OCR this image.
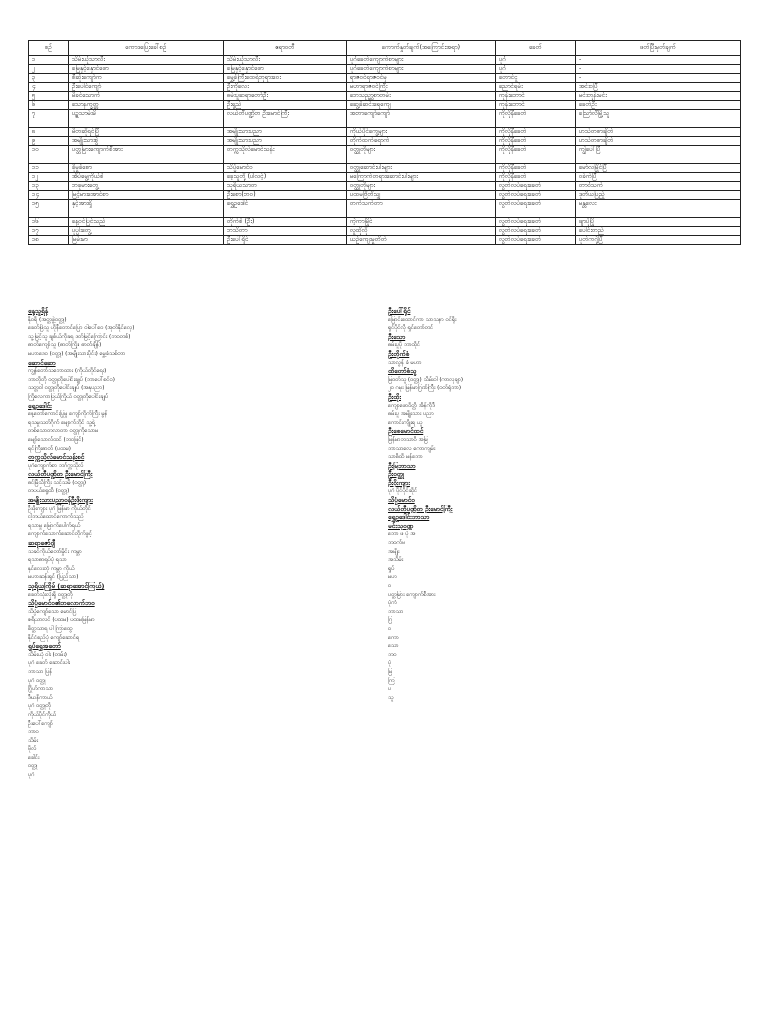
စဉ်	ကောဒပြေးခေါ်စဉ်	ဧရာဝတီ	ကောက်နှုတ်ချက်(အကြောင်းအရာ)	ခေတ်	ဖတ်ပြီးမှတ်ချက်
၁	သိမ်းယုံသာလီး	သိမ်းယုံသာလီး	ပုဂံခေတ်ကျောက်စာများ	ပုဂံ	-
၂	မြေနှင့်နှောင်ဖော	မြေနှင့်နှောင်ဖော	ပုဂံခေတ်ကျောက်စာများ	ပုဂံ	-
၃	စီဆုံးကျော်က	မွှေ့ခံကြီးထေရ်ဘုရားဝေး	ရာဇဝင်ရာဇဝင်မှ	တောင်ငူ	-
၄	ဦးပေါင်ကျော်	ဦးကိုလေး	မဟာရာဇဝင်ကြီး	ညောင်ရမ်း	အင်းဝပြီ
၅	မိခင်သောကံ	ဓမ်းပူဆရာတော်ဦး	ဘေသည္မွာစာတမ်း	ကုန်းဘောင်	မင်းတုန်းမင်း
၆	သောနက္ခတ္တ	ဦးရှည်	ဆွေ့ခံဆင်းရေကျေ	ကုန်းဘောင်	ခေတ်ဦး
၇	ပဉ္စသာမ်းမိ	လယ်တီပဏ္ဍိတ ဦးမောင်ကြီး	အဘာကျော်ကျော်	ကိုလိုနီခေတ်	သြော်လီမြို့သူ
၈	မိတဆိုရင်ပြီ	အမျိုးသားပညာ	ကိုယ်ပိုင်ကွေ့များ	ကိုလိုနီခေတ်	ဟသ်တစာချိတ်
၉	အမျိုးသားစွဲ	အမျိုးသားပညာ	တိုက်ထက်ရောက်	ကိုလိုနီခေတ်	ဟသ်တစာချိတ်
၁၀	ပတ္တမြားကျောက်စီအား	တက္ကသိုလ်မောင်သန်း	ဝတ္ထုတိုများ	ကိုလိုနီခေတ်	ကျွဲပေါ်ပြီ
၁၁	ခိုမှုခံစော	သိပ္ပံမောင်ဝ	ဝတ္ထုဆောင်းပါးများ	ကိုလိုနီခေတ်	မော်လမြိုင်ပြီ
၁၂	အိပ်မွေ့ကိုယ်စံ	ခေ့သူတို့ (ပါလင့်)	မကြောက်တရားဆောင်းပါးများ	ကိုလိုနီခေတ်	ဝခ်က်ပြီ
၁၃	ဘခုမားတွေ့	သုရိယသာတ	ဝတ္ထုတိုများ	လွတ်လပ်ရေးခေတ်	တာဝံသက်
၁၄	မြင့်မားအောင်စာ	ဦးစော(ဘဝ)	ပထမဗြိတိသျှ	လွတ်လပ်ရေးခေတ်	ဒုတိယပြည့်
၁၅	နှင့်အားရှိ	ရွှေဥဒေါင်	တက်သက်တာ	လွတ်လပ်ရေးခေတ်	မန္တလေး
၁၆	နေ့ဝင်ပြင်သည်	တိုက်စံ (ဦး)	ကဲ့ကာမြိုင်	လွတ်လပ်ရေးခေတ်	ဖျာပုံပြို
၁၇	ပုပ္ပါးတွေ့	ဘသိတာ	လူထိုလို	လွတ်လပ်ရေးခေတ်	ပေါင်းတည်
၁၈	မြမ်းမာ	ဦးပေါ်ရိုင်	ယဉ်ကျေးမှုတိတ်	လွတ်လပ်ရေးခေတ်	ပုတ်ကဂုဲ့ပြီ
နေ့သူရိန်
နိုဝရိ (အတ္တဖွဲ့ဝတ္ထု)
ခေတ်ဖြဲသူ ဟိုနီတောင်ပြော ဝါပေါ်ဝေ (အုတ်နိုင်လှေ)
သူ့မြင့်သူ ချစ်ယ်ကိုခရ ဒတ်မြင့်ကြောင်း (ဘဝတစ်)
ဓာတ်ကျော်သူ (ဓာတ်ကြိုး၊ ဓာတ်ချိန်)
မဟာဒေဝ (ဝတ္ထု) (အမျိုးသားပိုင်း) မွှေ့ခံသစ်တာ
ဆောင်ဆော
ကျွန်တော်သဘောထား (ကိုယ်တိုင်ရေး)
ဘာတိုတို ဝတ္ထုတိုပေါင်းချုပ် (ဘာပေါ်စင်ဝ)
သတ္တဝါ ဝတ္ထုတိုပေါင်းချုပ် (အနုပညာ)
ကြိုလေကာပြယ်ကြိုယ် ဝတ္ထုတိုပေါင်းချုပ်
ရွှေဥဒေါင်း
နေ့တော်ကောင်းပြုမှု ကျော်ကိုက်ကြီး မွန်
ရသမှုသတ်ဂိုက် မျောက်ဘိုင် သူ့ရဲ့
တစ်သောတလာတာ ဝတ္ထုကိုသောမ
မျော်သောလ်ထင် (ဘဝဖြင်)
ရင်ကြီးဓာတ် (ပထမ)
တက္ကသိုလ်မောင်သန်းစင်
ပုဂံကျောက်စာ ဘဂ်က္ကသိုလ်
လယ်တီပဏ္ဍိတ ဦးမောင်ကြီး
ဓင်မြီသိကြီး သင့်သမိ (ဝတ္ထု)
တပယ်ရွေထိ (ဝတ္ထု)
အမျိုးသားပညာဝန်ဦးဖိုးကျား
ဦးဖိုးကျား ပုဂံ မြန်မာ ကိုယ်တိုင်
ငါ့ဘယ်ထောင်ကောက်သည်
ရသာမှု မြောက်ပေါက်ရယ်
ကျောက်သောက်ဆောင်တိုက်ဖွင့်
ဆရာဇော်ဂျီ
သခင်ကိုယ်တော်မှိုင်း ကမ္ဘာ
ရသာဓာရုပ်ပုံ ရသာ
နှင်လေးတုံ ကမ္ဘာ ကိုယ်
မဟာဆန်းရှင် (ပြည်သာ)
သုရိယကြိုမ် (ဆရာအောင်ကြယ်)
ခေတ်သုံးလုံးရှိ ဝတ္ထုတို
သိပ္ပံမောင်ဝ၏ဘလောက်ဘဝ
သိပ္ပံကျော်သော မောင်ပြ
ဇရိယာလင် (ပထမ) ပထမမြန်မာ
စိတ္တသာရ ပါ ကြာထွေ
နိုင်ငံစည်ပုံ ကျော်ဆောင်ရ
ရှုပ်ရွှေအတော်
သိမ်းယုံ ဝါး (တမ်း)
ပုဂံ ခေတ် ဆောင်းပါး
ဘာသာ ပြန်
ပုဂံ ဝတ္ထု
ဂြိုဟ်ကာသာ
ဒီဃနိကာယ်
ပုဂံ ဝတ္ထုတို
ကိုယ်ပိုင်ကိုယ်
ဦးပေါ်ကျော်
ဘာဝ
သိမ်း
ဗိုလ်
ခေါင်း
ဝတ္ထု
ပုဂံ
ဦးပေါ်ရိုင်
မြောင်းထောင်ကာ သာသနာ ဝင်ရိုး
ရှင်ပိုင်လို ရှင်တော်တင်
ဦးသော
ဓမ်းပူပို ဘာထိုင်
ဦးတိုက်စံ
သာလွန် ခံ မဟာ
ထိတော်စံသူ
မြဝတ်သူ (ဝတ္ထု) သိမ်းဝါ (ကာလုချာ)
၂၀ ဂမုး မြန်မာဂြဏ်ကြီး (ဝတ်ရုံဘာ)
ဦးထိုး
ကျောဖောဝိတ္ထိ အိန်ကိုဒီ
ဓမ်းပူ အမျိုးသား ပညာ
ကောင်းကျိုးရ ယူ
ဦးစေမောင်ထင်
မြန်မာဘသာဝိ အမြ
ဘာသာလေ ကောကျမ်း
သာဓိထိ မန်ဘော
ဦးမြဘာသာ
ဦးဝတ္ထု
ဦးဝိုးကျား
ပုဂံ ပိုင်ပိုင်ဆိုင်
သိပ္ပံမောင်ဝ
လယ်တီပဏ္ဍိတ ဦးမောင်ကြီး
ရွှေဥဒေါင်းဘာသာ
မင်းသုဝဏ္ဏ
ဘော ဖ ပုံ အ
ဘဝက်ဗ
အမျိုး
အသိမ်း
ရှုပ်
မဟ
ဝ
ပတ္တမြား ကျောက်စီအား
ပုံကံ
ဘာသာ
ဂြ
ဝ
ကော
သော
ဘဝ
ပုံ
မြ
ကြ
ပ
သူ
